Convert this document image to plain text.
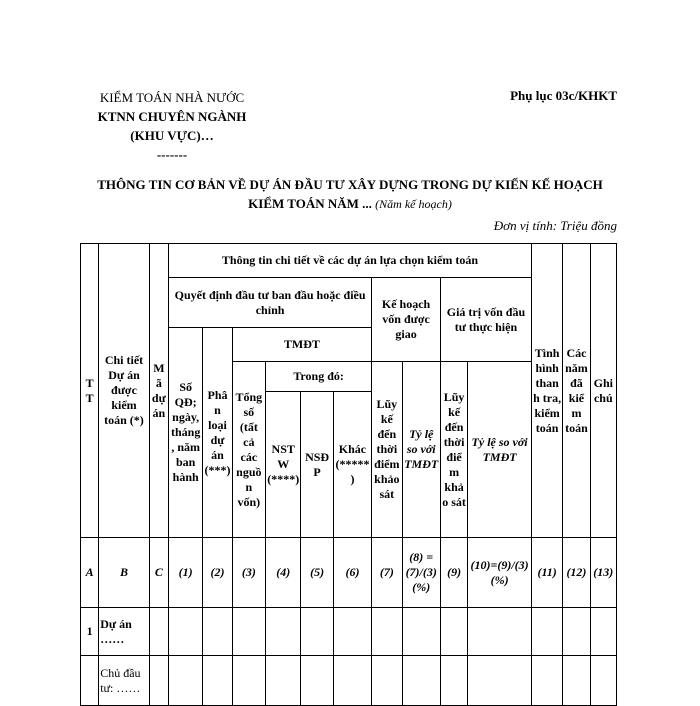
KIỂM TOÁN NHÀ NƯỚC
KTNN CHUYÊN NGÀNH
(KHU VỰC)…
-------
Phụ lục 03c/KHKT
THÔNG TIN CƠ BẢN VỀ DỰ ÁN ĐẦU TƯ XÂY DỰNG TRONG DỰ KIẾN KẾ HOẠCH
KIỂM TOÁN NĂM ... (Năm kế hoạch)
Đơn vị tính: Triệu đồng
TT	Chi tiết Dự án được kiểm toán (*)	Mã dự án	Thông tin chi tiết về các dự án lựa chọn kiểm toán										Tình hình thanh tra, kiểm toán	Các năm đã kiểm toán	Ghi chú
			Quyết định đầu tư ban đầu hoặc điều chỉnh						Kế hoạch vốn được giao		Giá trị vốn đầu tư thực hiện				
			Số QĐ; ngày, tháng, năm ban hành	Phân loại dự án (***)	TMĐT										
					Tổng số (tất cả các nguồn vốn)	Trong đó:			Lũy kế đến thời điểm khảo sát	Tỷ lệ so với TMĐT	Lũy kế đến thời điểm khảo sát	Tỷ lệ so với TMĐT			
						NSTW (****)	NSĐP	Khác (*****)							
A	B	C	(1)	(2)	(3)	(4)	(5)	(6)	(7)	(8) =(7)/(3) (%)	(9)	(10)=(9)/(3) (%)	(11)	(12)	(13)
1	Dự án ……														
	Chủ đầu tư: ……														
